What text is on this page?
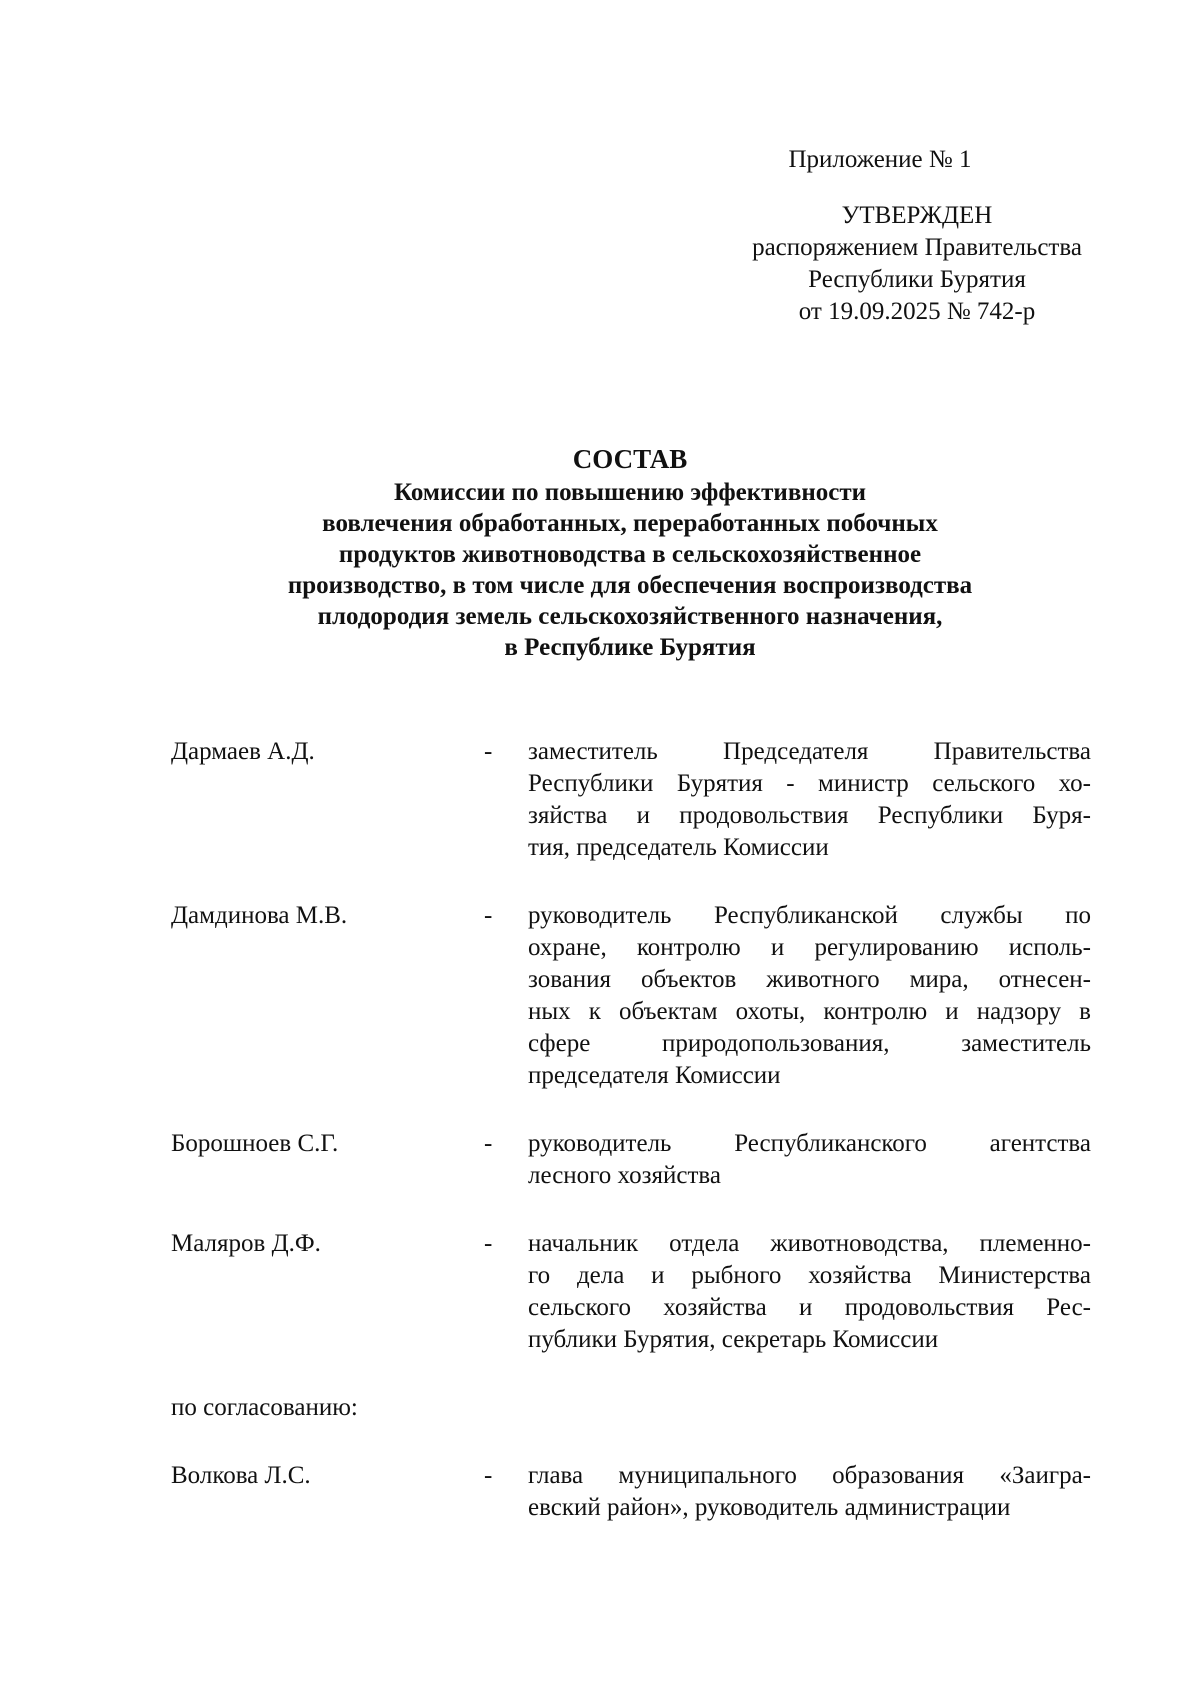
Приложение № 1
УТВЕРЖДЕН
распоряжением Правительства
Республики Бурятия
от 19.09.2025 № 742-р
СОСТАВ
Комиссии по повышению эффективности
вовлечения обработанных, переработанных побочных
продуктов животноводства в сельскохозяйственное
производство, в том числе для обеспечения воспроизводства
плодородия земель сельскохозяйственного назначения,
в Республике Бурятия
Дармаев А.Д.	-	заместитель Председателя Правительства
Республики Бурятия - министр сельского хо-
зяйства и продовольствия Республики Буря-
тия, председатель Комиссии
Дамдинова М.В.	-	руководитель Республиканской службы по
охране, контролю и регулированию исполь-
зования объектов животного мира, отнесен-
ных к объектам охоты, контролю и надзору в
сфере природопользования, заместитель
председателя Комиссии
Борошноев С.Г.	-	руководитель Республиканского агентства
лесного хозяйства
Маляров Д.Ф.	-	начальник отдела животноводства, племенно-
го дела и рыбного хозяйства Министерства
сельского хозяйства и продовольствия Рес-
публики Бурятия, секретарь Комиссии
по согласованию:
Волкова Л.С.	-	глава муниципального образования «Заигра-
евский район», руководитель администрации
